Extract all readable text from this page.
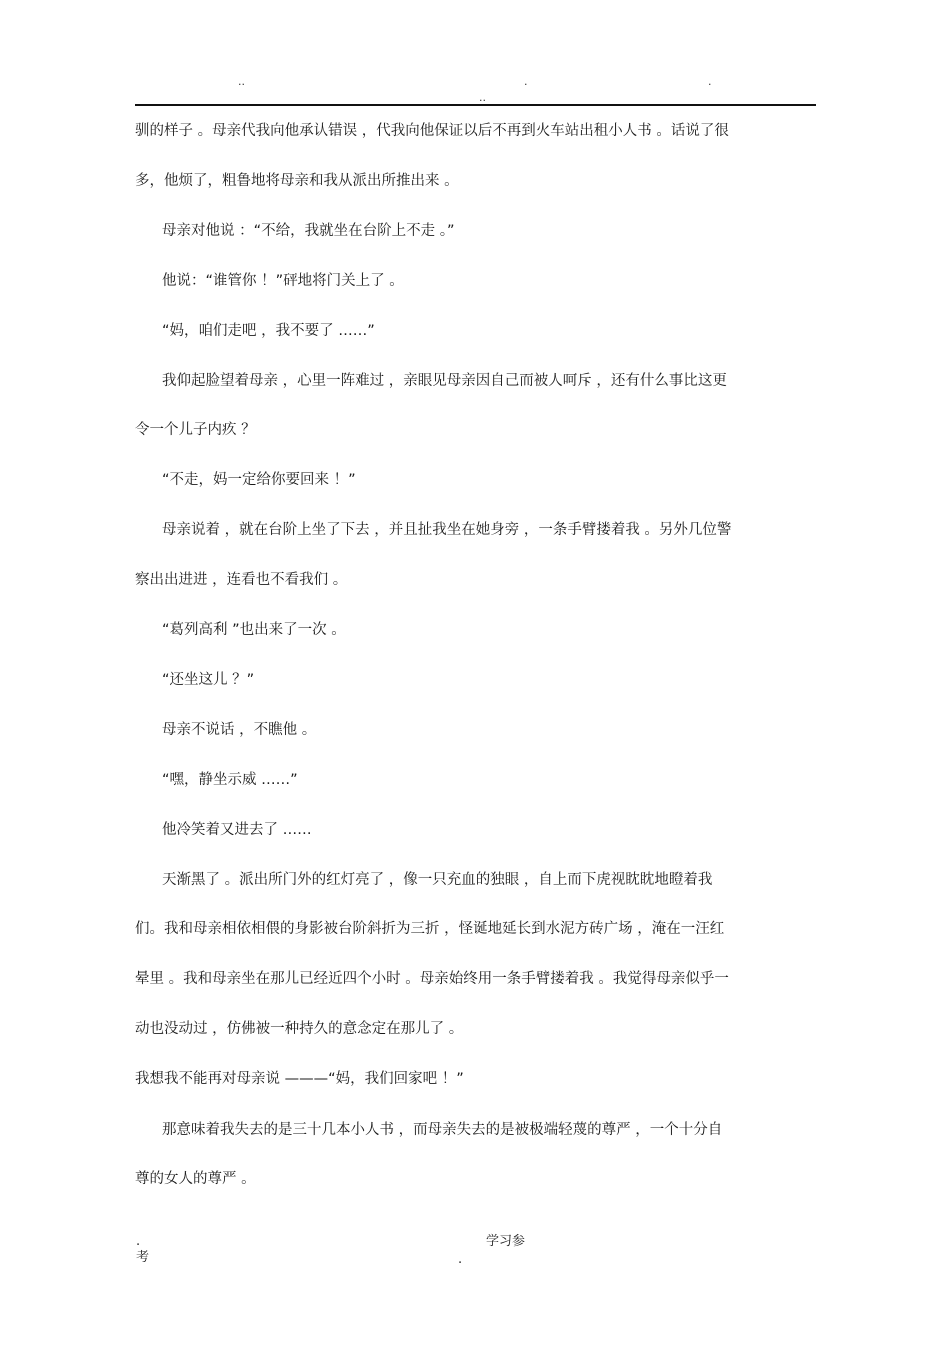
..	.	.
..
驯的样子 。母亲代我向他承认错误 ，代我向他保证以后不再到火车站出租小人书 。话说了很
多，他烦了，粗鲁地将母亲和我从派出所推出来 。
母亲对他说 ：“不给，我就坐在台阶上不走 。”
他说：“谁管你 ！”砰地将门关上了 。
“妈，咱们走吧 ，我不要了 ……”
我仰起脸望着母亲 ，心里一阵难过 ，亲眼见母亲因自己而被人呵斥 ，还有什么事比这更
令一个儿子内疚 ？
“不走，妈一定给你要回来 ！”
母亲说着 ，就在台阶上坐了下去 ，并且扯我坐在她身旁 ，一条手臂搂着我 。另外几位警
察出出进进 ，连看也不看我们 。
“葛列高利 ”也出来了一次 。
“还坐这儿 ？”
母亲不说话 ，不瞧他 。
“嘿，静坐示威 ……”
他冷笑着又进去了 ……
天渐黑了 。派出所门外的红灯亮了 ，像一只充血的独眼 ，自上而下虎视眈眈地瞪着我
们。我和母亲相依相偎的身影被台阶斜折为三折 ，怪诞地延长到水泥方砖广场 ，淹在一汪红
晕里 。我和母亲坐在那儿已经近四个小时 。母亲始终用一条手臂搂着我 。我觉得母亲似乎一
动也没动过 ，仿佛被一种持久的意念定在那儿了 。
我想我不能再对母亲说 ———“妈，我们回家吧 ！”
那意味着我失去的是三十几本小人书 ，而母亲失去的是被极端轻蔑的尊严 ，一个十分自
尊的女人的尊严 。
.	学习参
考	.
